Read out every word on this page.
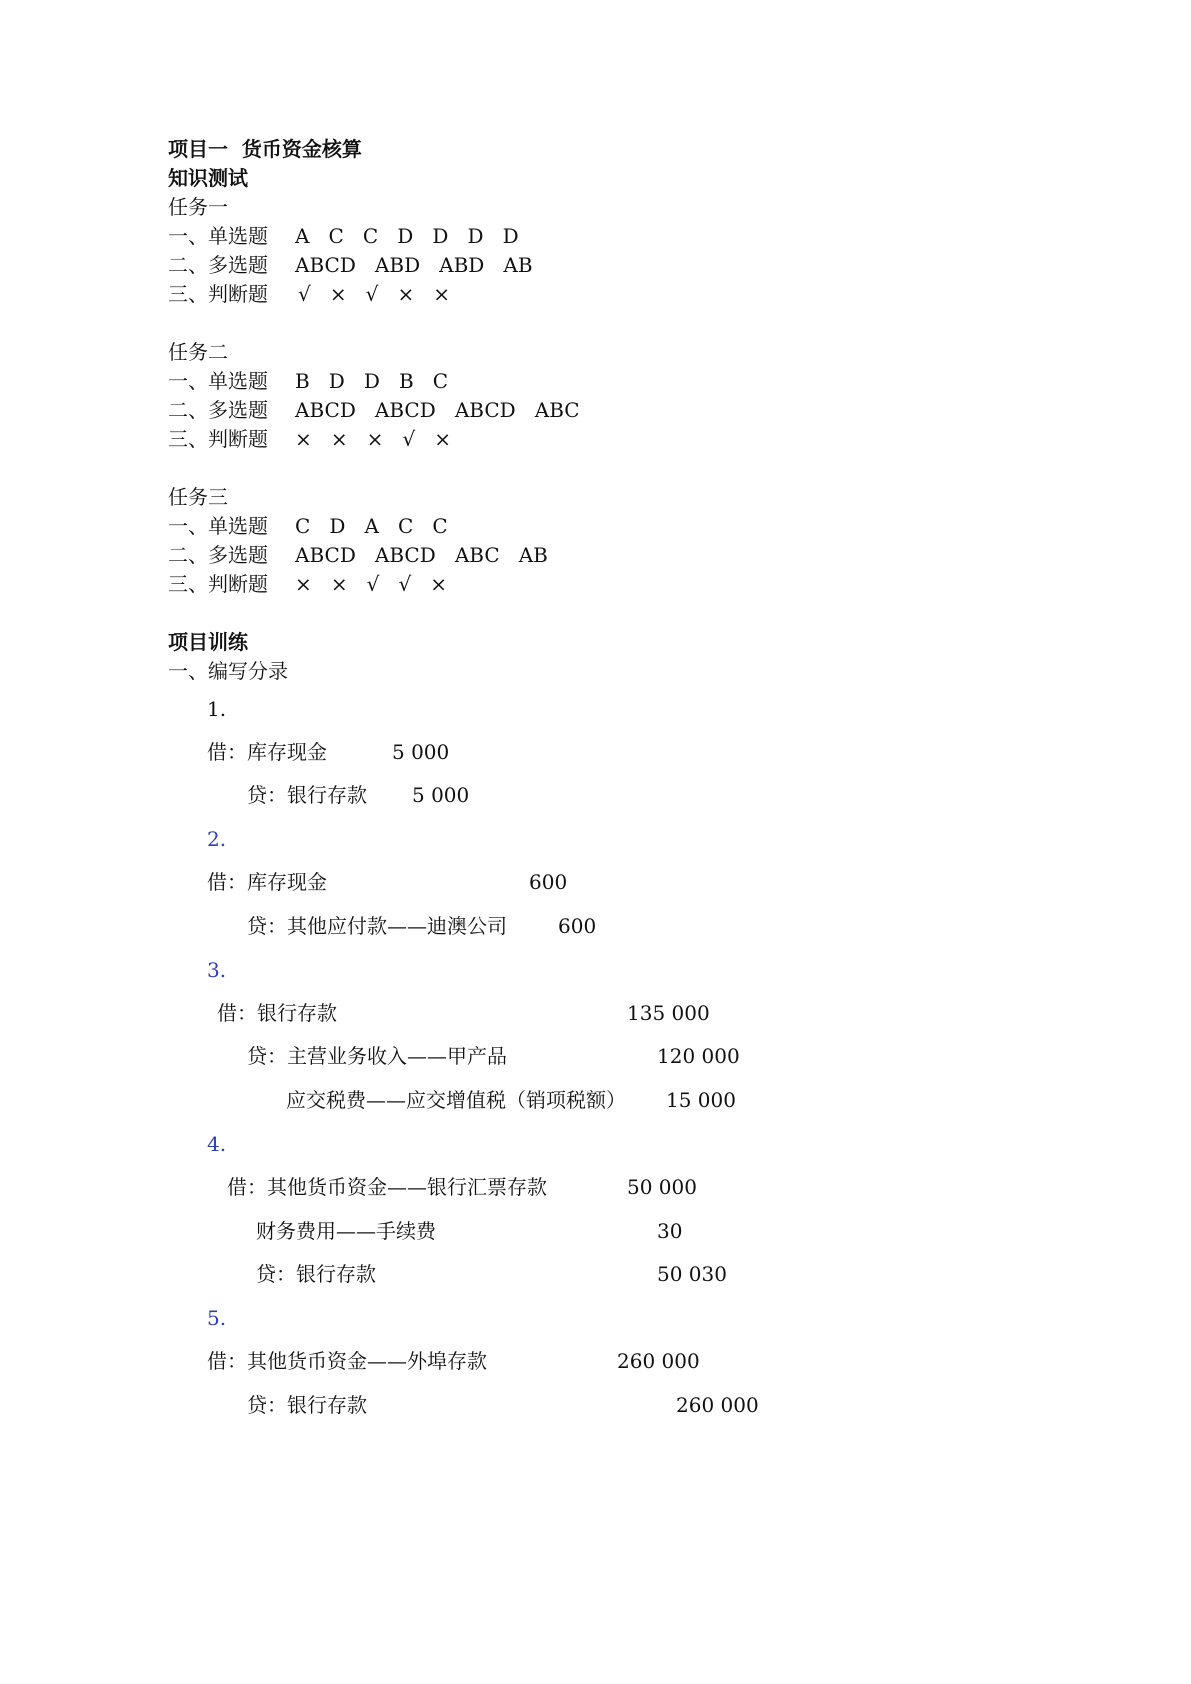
项目一  货币资金核算
知识测试
任务一
一、单选题 A   C   C   D   D   D   D
二、多选题 ABCD   ABD   ABD   AB
三、判断题 √   ×   √   ×   ×
任务二
一、单选题 B   D   D   B   C
二、多选题 ABCD   ABCD   ABCD   ABC
三、判断题 ×   ×   ×   √   ×
任务三
一、单选题 C   D   A   C   C
二、多选题 ABCD   ABCD   ABC   AB
三、判断题 ×   ×   √   √   ×
项目训练
一、编写分录
1.
借：库存现金	5 000
贷：银行存款 5 000
2.
借：库存现金	600
贷：其他应付款——迪澳公司	600
3.
借：银行存款	135 000
贷：主营业务收入——甲产品	120 000
应交税费——应交增值税（销项税额） 15 000
4.
借：其他货币资金——银行汇票存款	50 000
财务费用——手续费	30
贷：银行存款	50 030
5.
借：其他货币资金——外埠存款	260 000
贷：银行存款	260 000
